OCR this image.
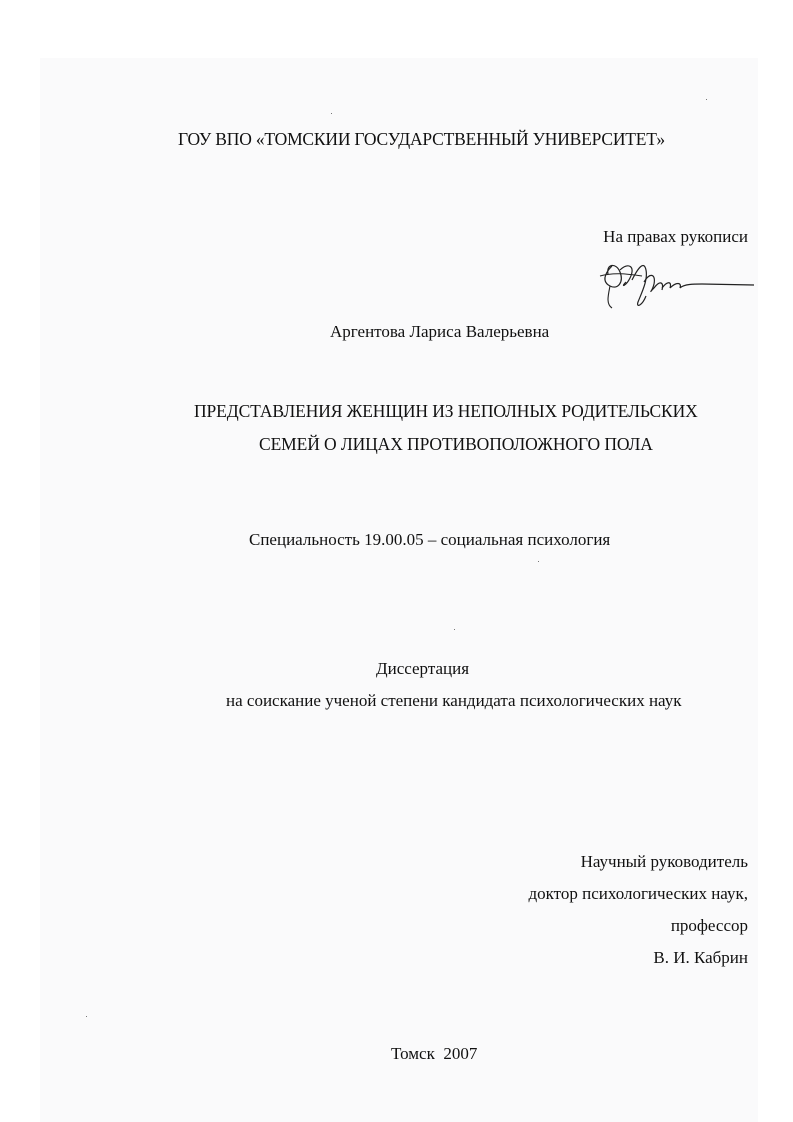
ГОУ ВПО «ТОМСКИИ ГОСУДАРСТВЕННЫЙ УНИВЕРСИТЕТ»
На правах рукописи
Аргентова Лариса Валерьевна
ПРЕДСТАВЛЕНИЯ ЖЕНЩИН ИЗ НЕПОЛНЫХ РОДИТЕЛЬСКИХ
СЕМЕЙ О ЛИЦАХ ПРОТИВОПОЛОЖНОГО ПОЛА
Специальность 19.00.05 – социальная психология
Диссертация
на соискание ученой степени кандидата психологических наук
Научный руководитель
доктор психологических наук,
профессор
В. И. Кабрин
Томск  2007
